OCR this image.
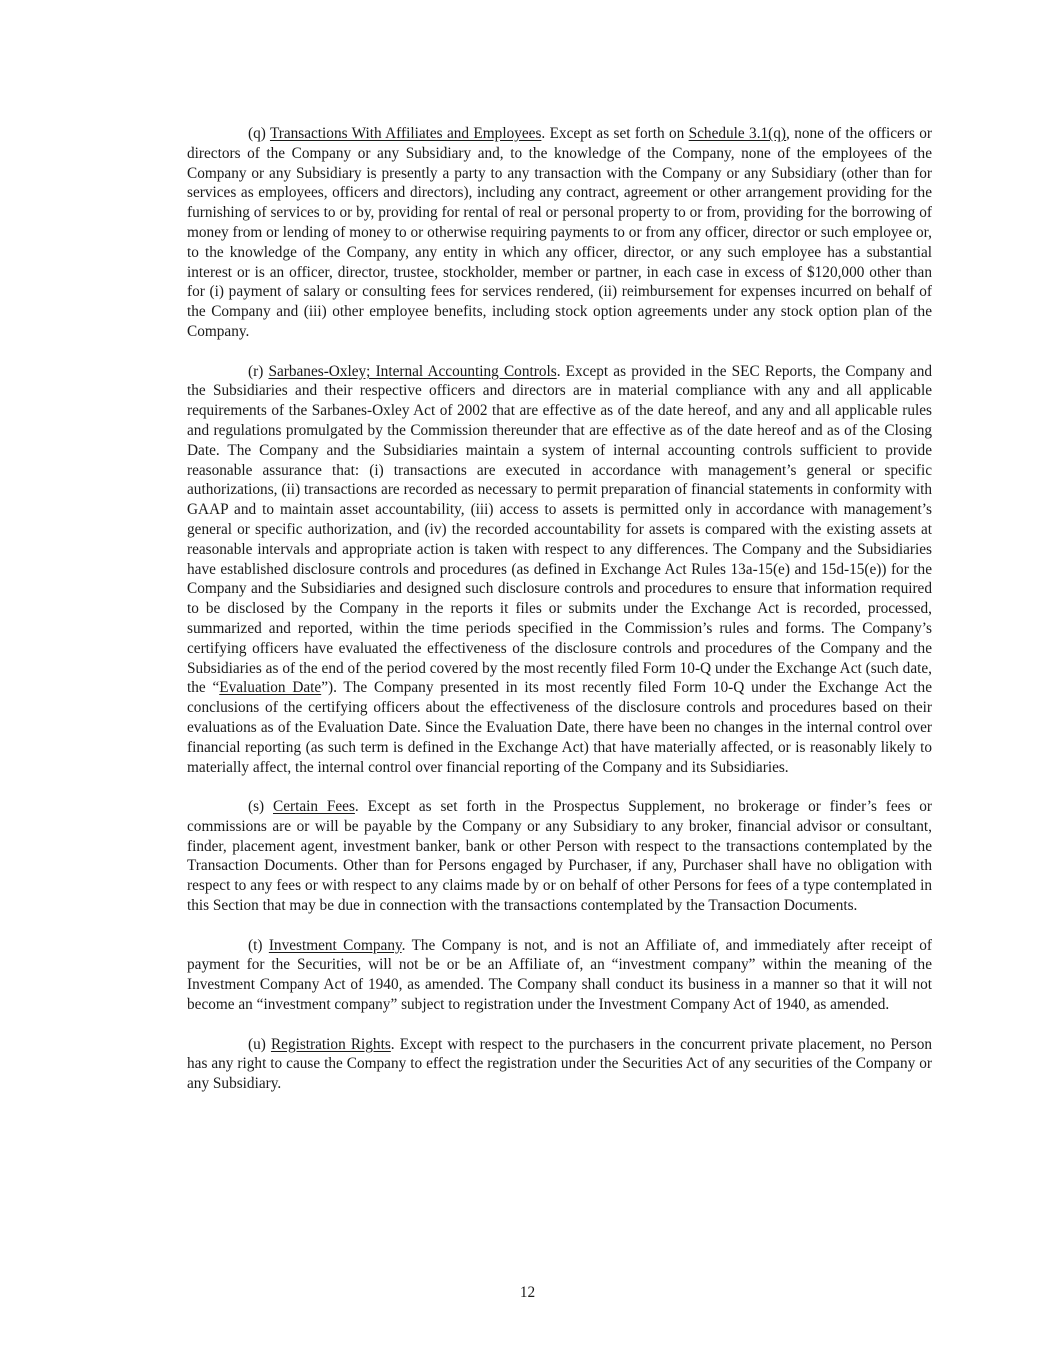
(q) Transactions With Affiliates and Employees. Except as set forth on Schedule 3.1(q), none of the officers or directors of the Company or any Subsidiary and, to the knowledge of the Company, none of the employees of the Company or any Subsidiary is presently a party to any transaction with the Company or any Subsidiary (other than for services as employees, officers and directors), including any contract, agreement or other arrangement providing for the furnishing of services to or by, providing for rental of real or personal property to or from, providing for the borrowing of money from or lending of money to or otherwise requiring payments to or from any officer, director or such employee or, to the knowledge of the Company, any entity in which any officer, director, or any such employee has a substantial interest or is an officer, director, trustee, stockholder, member or partner, in each case in excess of $120,000 other than for (i) payment of salary or consulting fees for services rendered, (ii) reimbursement for expenses incurred on behalf of the Company and (iii) other employee benefits, including stock option agreements under any stock option plan of the Company.

(r) Sarbanes-Oxley; Internal Accounting Controls. Except as provided in the SEC Reports, the Company and the Subsidiaries and their respective officers and directors are in material compliance with any and all applicable requirements of the Sarbanes-Oxley Act of 2002 that are effective as of the date hereof, and any and all applicable rules and regulations promulgated by the Commission thereunder that are effective as of the date hereof and as of the Closing Date. The Company and the Subsidiaries maintain a system of internal accounting controls sufficient to provide reasonable assurance that: (i) transactions are executed in accordance with management’s general or specific authorizations, (ii) transactions are recorded as necessary to permit preparation of financial statements in conformity with GAAP and to maintain asset accountability, (iii) access to assets is permitted only in accordance with management’s general or specific authorization, and (iv) the recorded accountability for assets is compared with the existing assets at reasonable intervals and appropriate action is taken with respect to any differences. The Company and the Subsidiaries have established disclosure controls and procedures (as defined in Exchange Act Rules 13a-15(e) and 15d-15(e)) for the Company and the Subsidiaries and designed such disclosure controls and procedures to ensure that information required to be disclosed by the Company in the reports it files or submits under the Exchange Act is recorded, processed, summarized and reported, within the time periods specified in the Commission’s rules and forms. The Company’s certifying officers have evaluated the effectiveness of the disclosure controls and procedures of the Company and the Subsidiaries as of the end of the period covered by the most recently filed Form 10-Q under the Exchange Act (such date, the “Evaluation Date”). The Company presented in its most recently filed Form 10-Q under the Exchange Act the conclusions of the certifying officers about the effectiveness of the disclosure controls and procedures based on their evaluations as of the Evaluation Date. Since the Evaluation Date, there have been no changes in the internal control over financial reporting (as such term is defined in the Exchange Act) that have materially affected, or is reasonably likely to materially affect, the internal control over financial reporting of the Company and its Subsidiaries.

(s) Certain Fees. Except as set forth in the Prospectus Supplement, no brokerage or finder’s fees or commissions are or will be payable by the Company or any Subsidiary to any broker, financial advisor or consultant, finder, placement agent, investment banker, bank or other Person with respect to the transactions contemplated by the Transaction Documents. Other than for Persons engaged by Purchaser, if any, Purchaser shall have no obligation with respect to any fees or with respect to any claims made by or on behalf of other Persons for fees of a type contemplated in this Section that may be due in connection with the transactions contemplated by the Transaction Documents.

(t) Investment Company. The Company is not, and is not an Affiliate of, and immediately after receipt of payment for the Securities, will not be or be an Affiliate of, an “investment company” within the meaning of the Investment Company Act of 1940, as amended. The Company shall conduct its business in a manner so that it will not become an “investment company” subject to registration under the Investment Company Act of 1940, as amended.

(u) Registration Rights. Except with respect to the purchasers in the concurrent private placement, no Person has any right to cause the Company to effect the registration under the Securities Act of any securities of the Company or any Subsidiary.

12
